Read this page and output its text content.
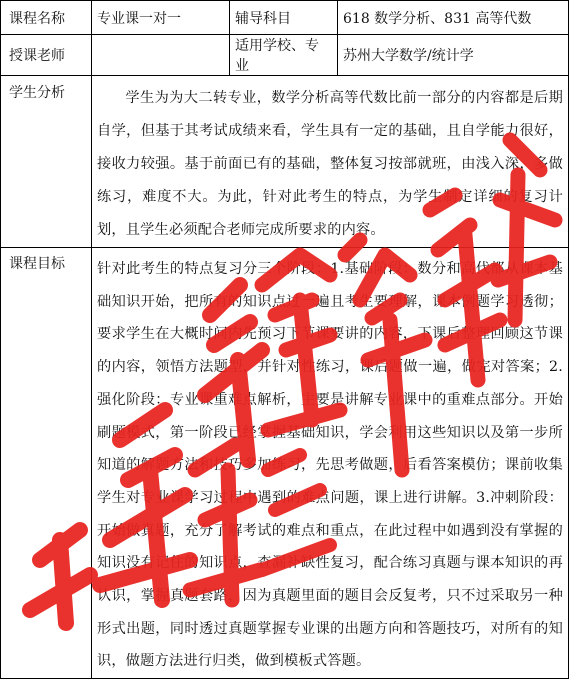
课程名称	专业课一对一	辅导科目	618 数学分析、831 高等代数
授课老师		适用学校、专业	苏州大学数学/统计学
学生分析	学生为为大二转专业，数学分析高等代数比前一部分的内容都是后期自学，但基于其考试成绩来看，学生具有一定的基础，且自学能力很好，接收力较强。基于前面已有的基础，整体复习按部就班，由浅入深，多做练习，难度不大。为此，针对此考生的特点，为学生制定详细的复习计划，且学生必须配合老师完成所要求的内容。		

课程目标	针对此考生的特点复习分三个阶段：1.基础阶段：数分和高代都从课本基础知识开始，把所有的知识点过一遍且考生要理解，课本例题学习透彻；要求学生在大概时间内先预习下节课要讲的内容，下课后整理回顾这节课的内容，领悟方法题型，并针对性练习，课后题做一遍，做完对答案；2.强化阶段：专业课重难点解析，主要是讲解专业课中的重难点部分。开始刷题模式，第一阶段已经掌握基础知识，学会利用这些知识以及第一步所知道的解题方法和技巧多加练习，先思考做题，后看答案模仿；课前收集学生对专业课学习过程中遇到的难点问题，课上进行讲解。3.冲刺阶段：开始做真题，充分了解考试的难点和重点，在此过程中如遇到没有掌握的知识没有记住的知识点，查漏补缺性复习，配合练习真题与课本知识的再认识，掌握真题套路，因为真题里面的题目会反复考，只不过采取另一种形式出题，同时透过真题掌握专业课的出题方向和答题技巧，对所有的知识，做题方法进行归类，做到模板式答题。		
